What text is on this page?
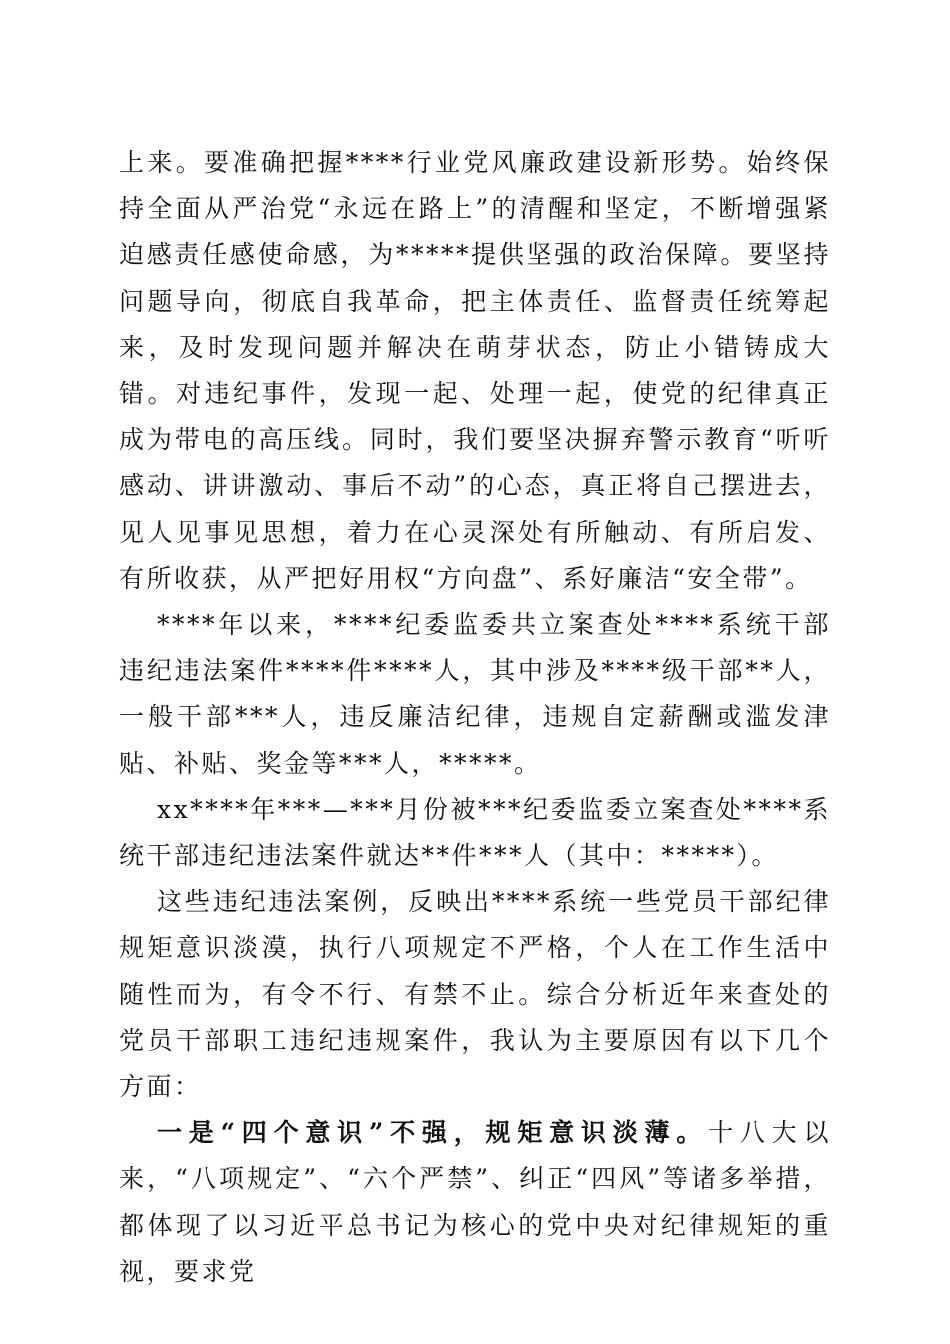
上来。要准确把握****行业党风廉政建设新形势。始终保持全面从严治党“永远在路上”的清醒和坚定，不断增强紧迫感责任感使命感，为*****提供坚强的政治保障。要坚持问题导向，彻底自我革命，把主体责任、监督责任统筹起来，及时发现问题并解决在萌芽状态，防止小错铸成大错。对违纪事件，发现一起、处理一起，使党的纪律真正成为带电的高压线。同时，我们要坚决摒弃警示教育“听听感动、讲讲激动、事后不动”的心态，真正将自己摆进去，见人见事见思想，着力在心灵深处有所触动、有所启发、有所收获，从严把好用权“方向盘”、系好廉洁“安全带”。

****年以来，****纪委监委共立案查处****系统干部违纪违法案件****件****人，其中涉及****级干部**人，一般干部***人，违反廉洁纪律，违规自定薪酬或滥发津贴、补贴、奖金等***人，*****。

xx****年***—***月份被***纪委监委立案查处****系统干部违纪违法案件就达**件***人（其中：*****）。

这些违纪违法案例，反映出****系统一些党员干部纪律规矩意识淡漠，执行八项规定不严格，个人在工作生活中随性而为，有令不行、有禁不止。综合分析近年来查处的党员干部职工违纪违规案件，我认为主要原因有以下几个方面：

一是“四个意识”不强，规矩意识淡薄。十八大以来，“八项规定”、“六个严禁”、纠正“四风”等诸多举措，都体现了以习近平总书记为核心的党中央对纪律规矩的重视，要求党
